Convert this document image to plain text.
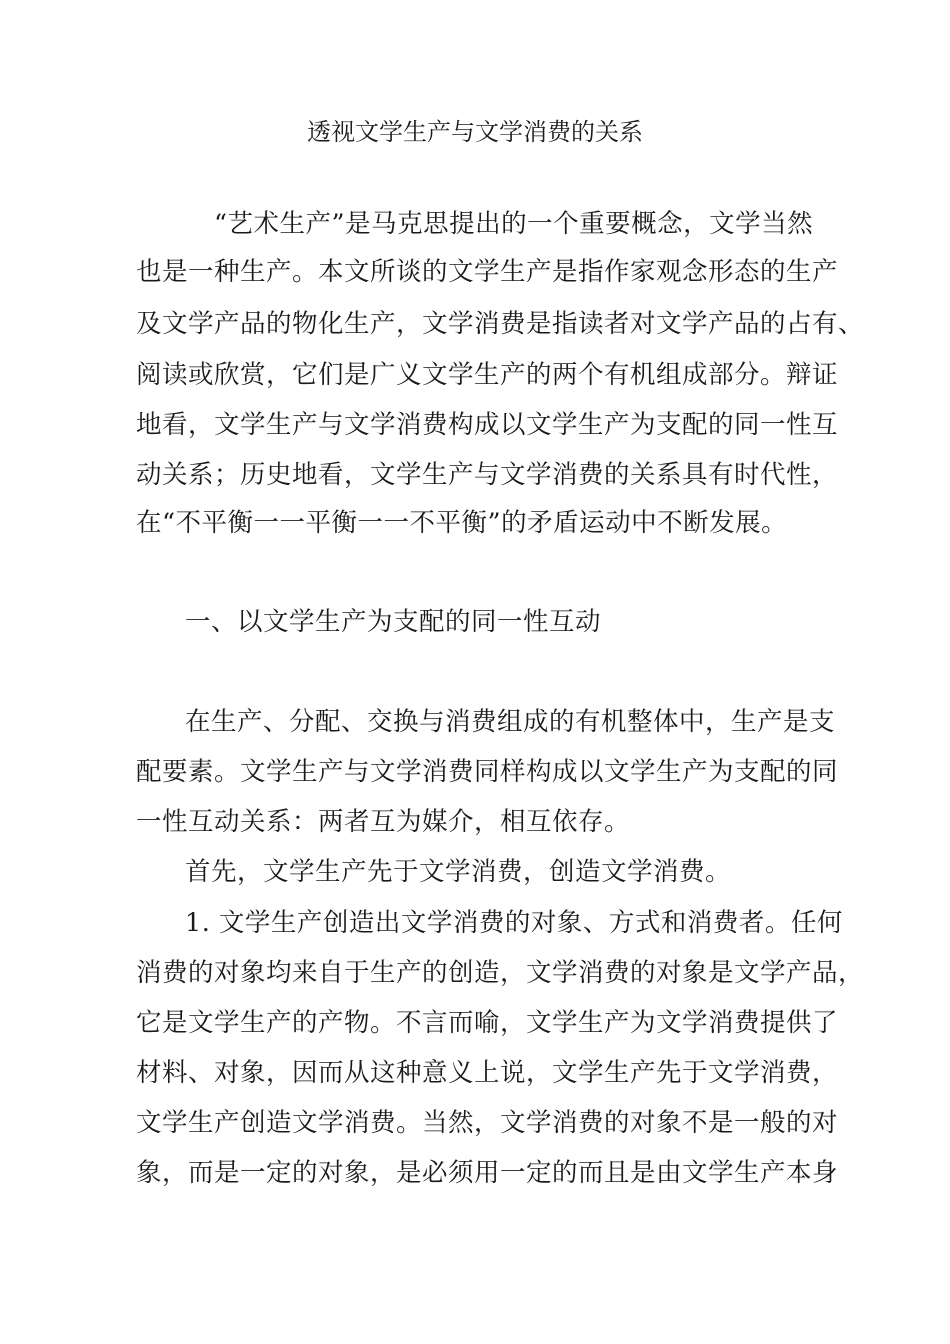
透视文学生产与文学消费的关系
“艺术生产”是马克思提出的一个重要概念，文学当然
也是一种生产。本文所谈的文学生产是指作家观念形态的生产
及文学产品的物化生产，文学消费是指读者对文学产品的占有、
阅读或欣赏，它们是广义文学生产的两个有机组成部分。辩证
地看，文学生产与文学消费构成以文学生产为支配的同一性互
动关系；历史地看，文学生产与文学消费的关系具有时代性，
在“不平衡一一平衡一一不平衡”的矛盾运动中不断发展。
一、以文学生产为支配的同一性互动
在生产、分配、交换与消费组成的有机整体中，生产是支
配要素。文学生产与文学消费同样构成以文学生产为支配的同
一性互动关系：两者互为媒介，相互依存。
首先，文学生产先于文学消费，创造文学消费。
1. 文学生产创造出文学消费的对象、方式和消费者。任何
消费的对象均来自于生产的创造，文学消费的对象是文学产品，
它是文学生产的产物。不言而喻，文学生产为文学消费提供了
材料、对象，因而从这种意义上说，文学生产先于文学消费，
文学生产创造文学消费。当然，文学消费的对象不是一般的对
象，而是一定的对象，是必须用一定的而且是由文学生产本身
